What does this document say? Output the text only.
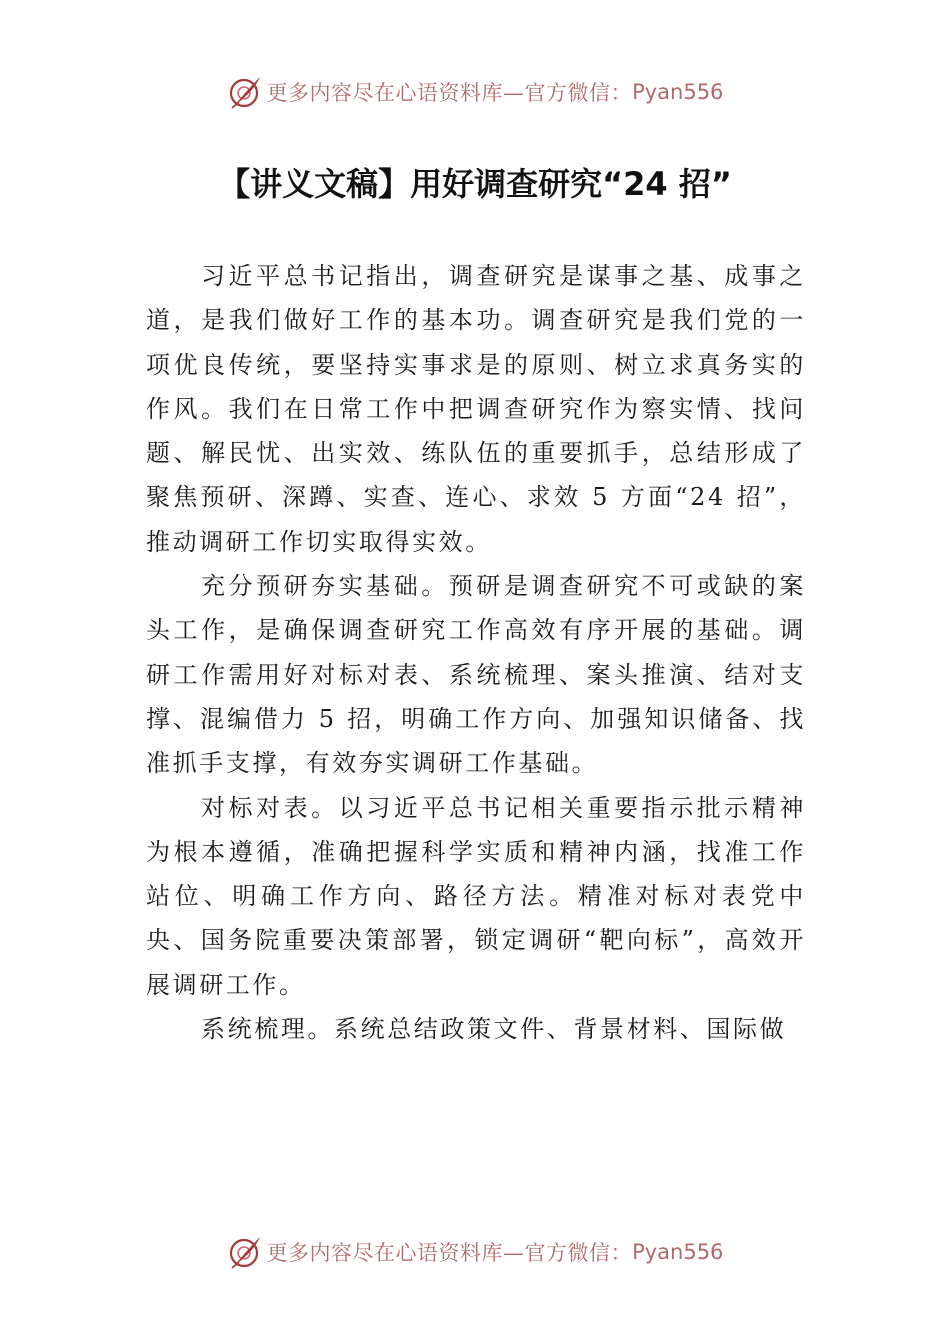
更多内容尽在心语资料库—官方微信： Pyan556
【讲义文稿】用好调查研究“24 招”

习近平总书记指出，调查研究是谋事之基、成事之道，是我们做好工作的基本功。调查研究是我们党的一项优良传统，要坚持实事求是的原则、树立求真务实的作风。我们在日常工作中把调查研究作为察实情、找问题、解民忧、出实效、练队伍的重要抓手，总结形成了聚焦预研、深蹲、实查、连心、求效 5 方面“24 招”，推动调研工作切实取得实效。

充分预研夯实基础。预研是调查研究不可或缺的案头工作，是确保调查研究工作高效有序开展的基础。调研工作需用好对标对表、系统梳理、案头推演、结对支撑、混编借力 5 招，明确工作方向、加强知识储备、找准抓手支撑，有效夯实调研工作基础。

对标对表。以习近平总书记相关重要指示批示精神为根本遵循，准确把握科学实质和精神内涵，找准工作站位、明确工作方向、路径方法。精准对标对表党中央、国务院重要决策部署，锁定调研“靶向标”，高效开展调研工作。

系统梳理。系统总结政策文件、背景材料、国际做

更多内容尽在心语资料库—官方微信： Pyan556
